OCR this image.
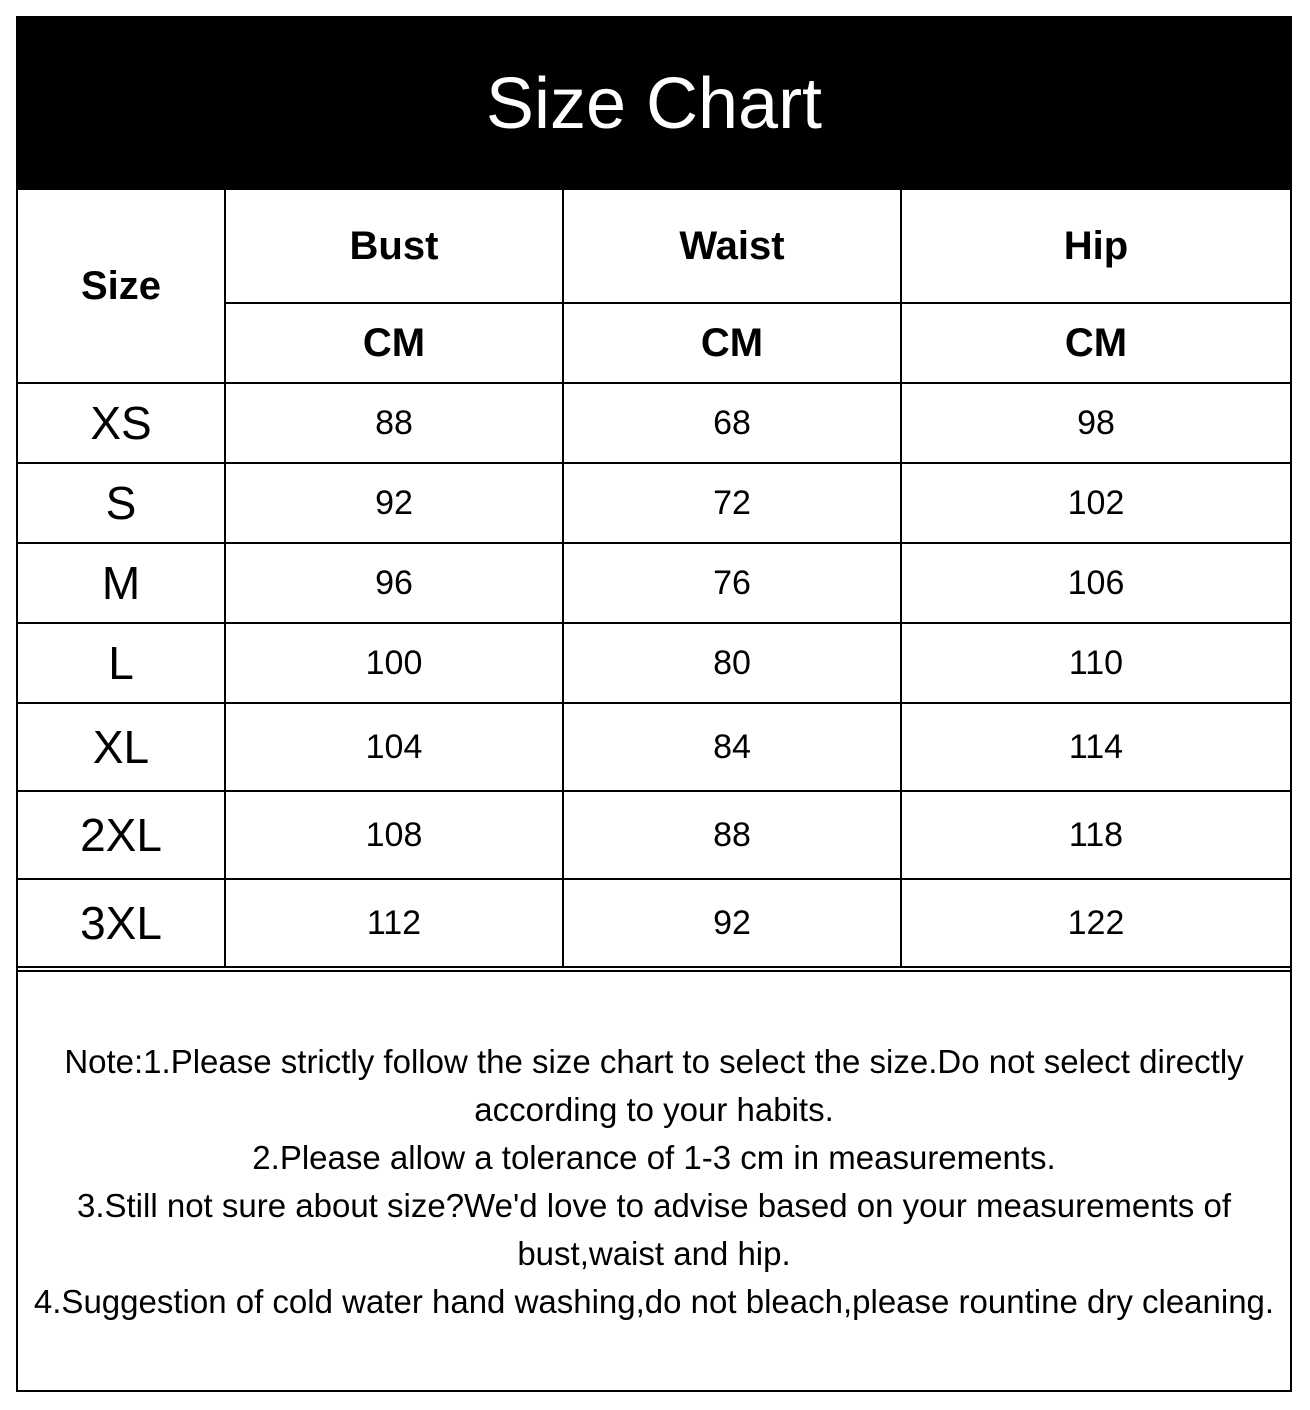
Size Chart
Size	Bust	Waist	Hip
	CM	CM	CM
XS	88	68	98
S	92	72	102
M	96	76	106
L	100	80	110
XL	104	84	114
2XL	108	88	118
3XL	112	92	122

Note:1.Please strictly follow the size chart to select the size.Do not select directly according to your habits.

2.Please allow a tolerance of 1-3 cm in measurements.

3.Still not sure about size?We'd love to advise based on your measurements of bust,waist and hip.

4.Suggestion of cold water hand washing,do not bleach,please rountine dry cleaning.
